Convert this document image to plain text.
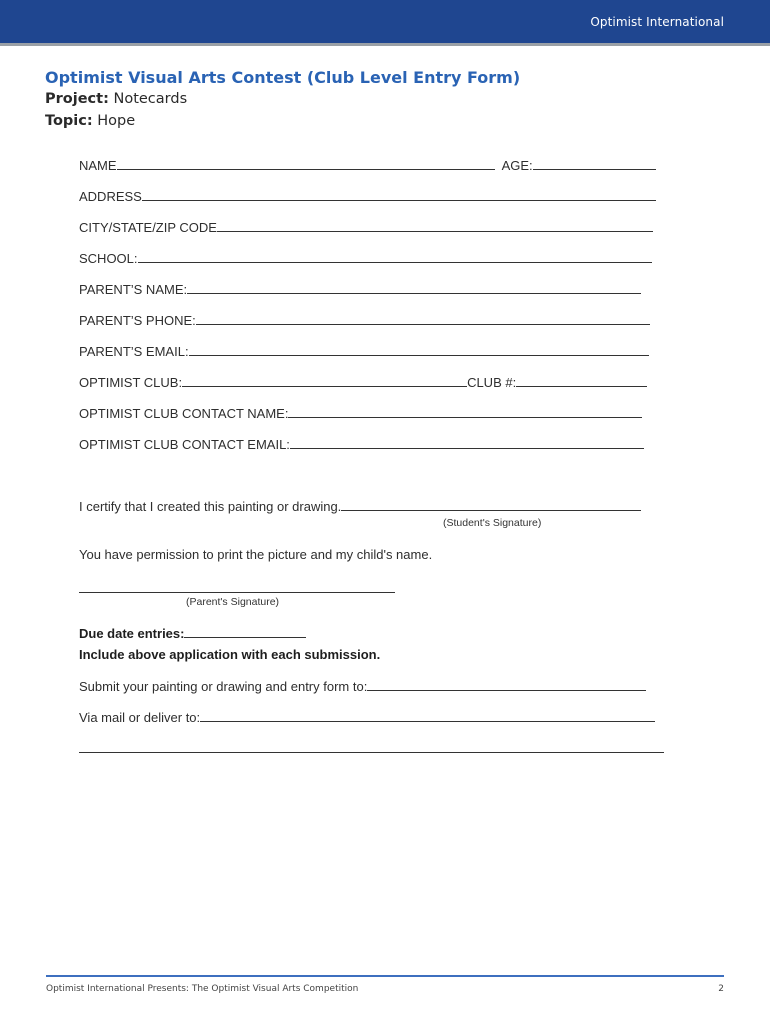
Optimist International
Optimist Visual Arts Contest (Club Level Entry Form)
Project: Notecards
Topic: Hope
NAME	AGE:
ADDRESS
CITY/STATE/ZIP CODE
SCHOOL:
PARENT’S NAME:
PARENT’S PHONE:
PARENT’S EMAIL:
OPTIMIST CLUB:	CLUB #:
OPTIMIST CLUB CONTACT NAME:
OPTIMIST CLUB CONTACT EMAIL:
I certify that I created this painting or drawing.
(Student's Signature)
You have permission to print the picture and my child's name.
(Parent's Signature)
Due date entries:
Include above application with each submission.
Submit your painting or drawing and entry form to:
Via mail or deliver to:
Optimist International Presents: The Optimist Visual Arts Competition	2
